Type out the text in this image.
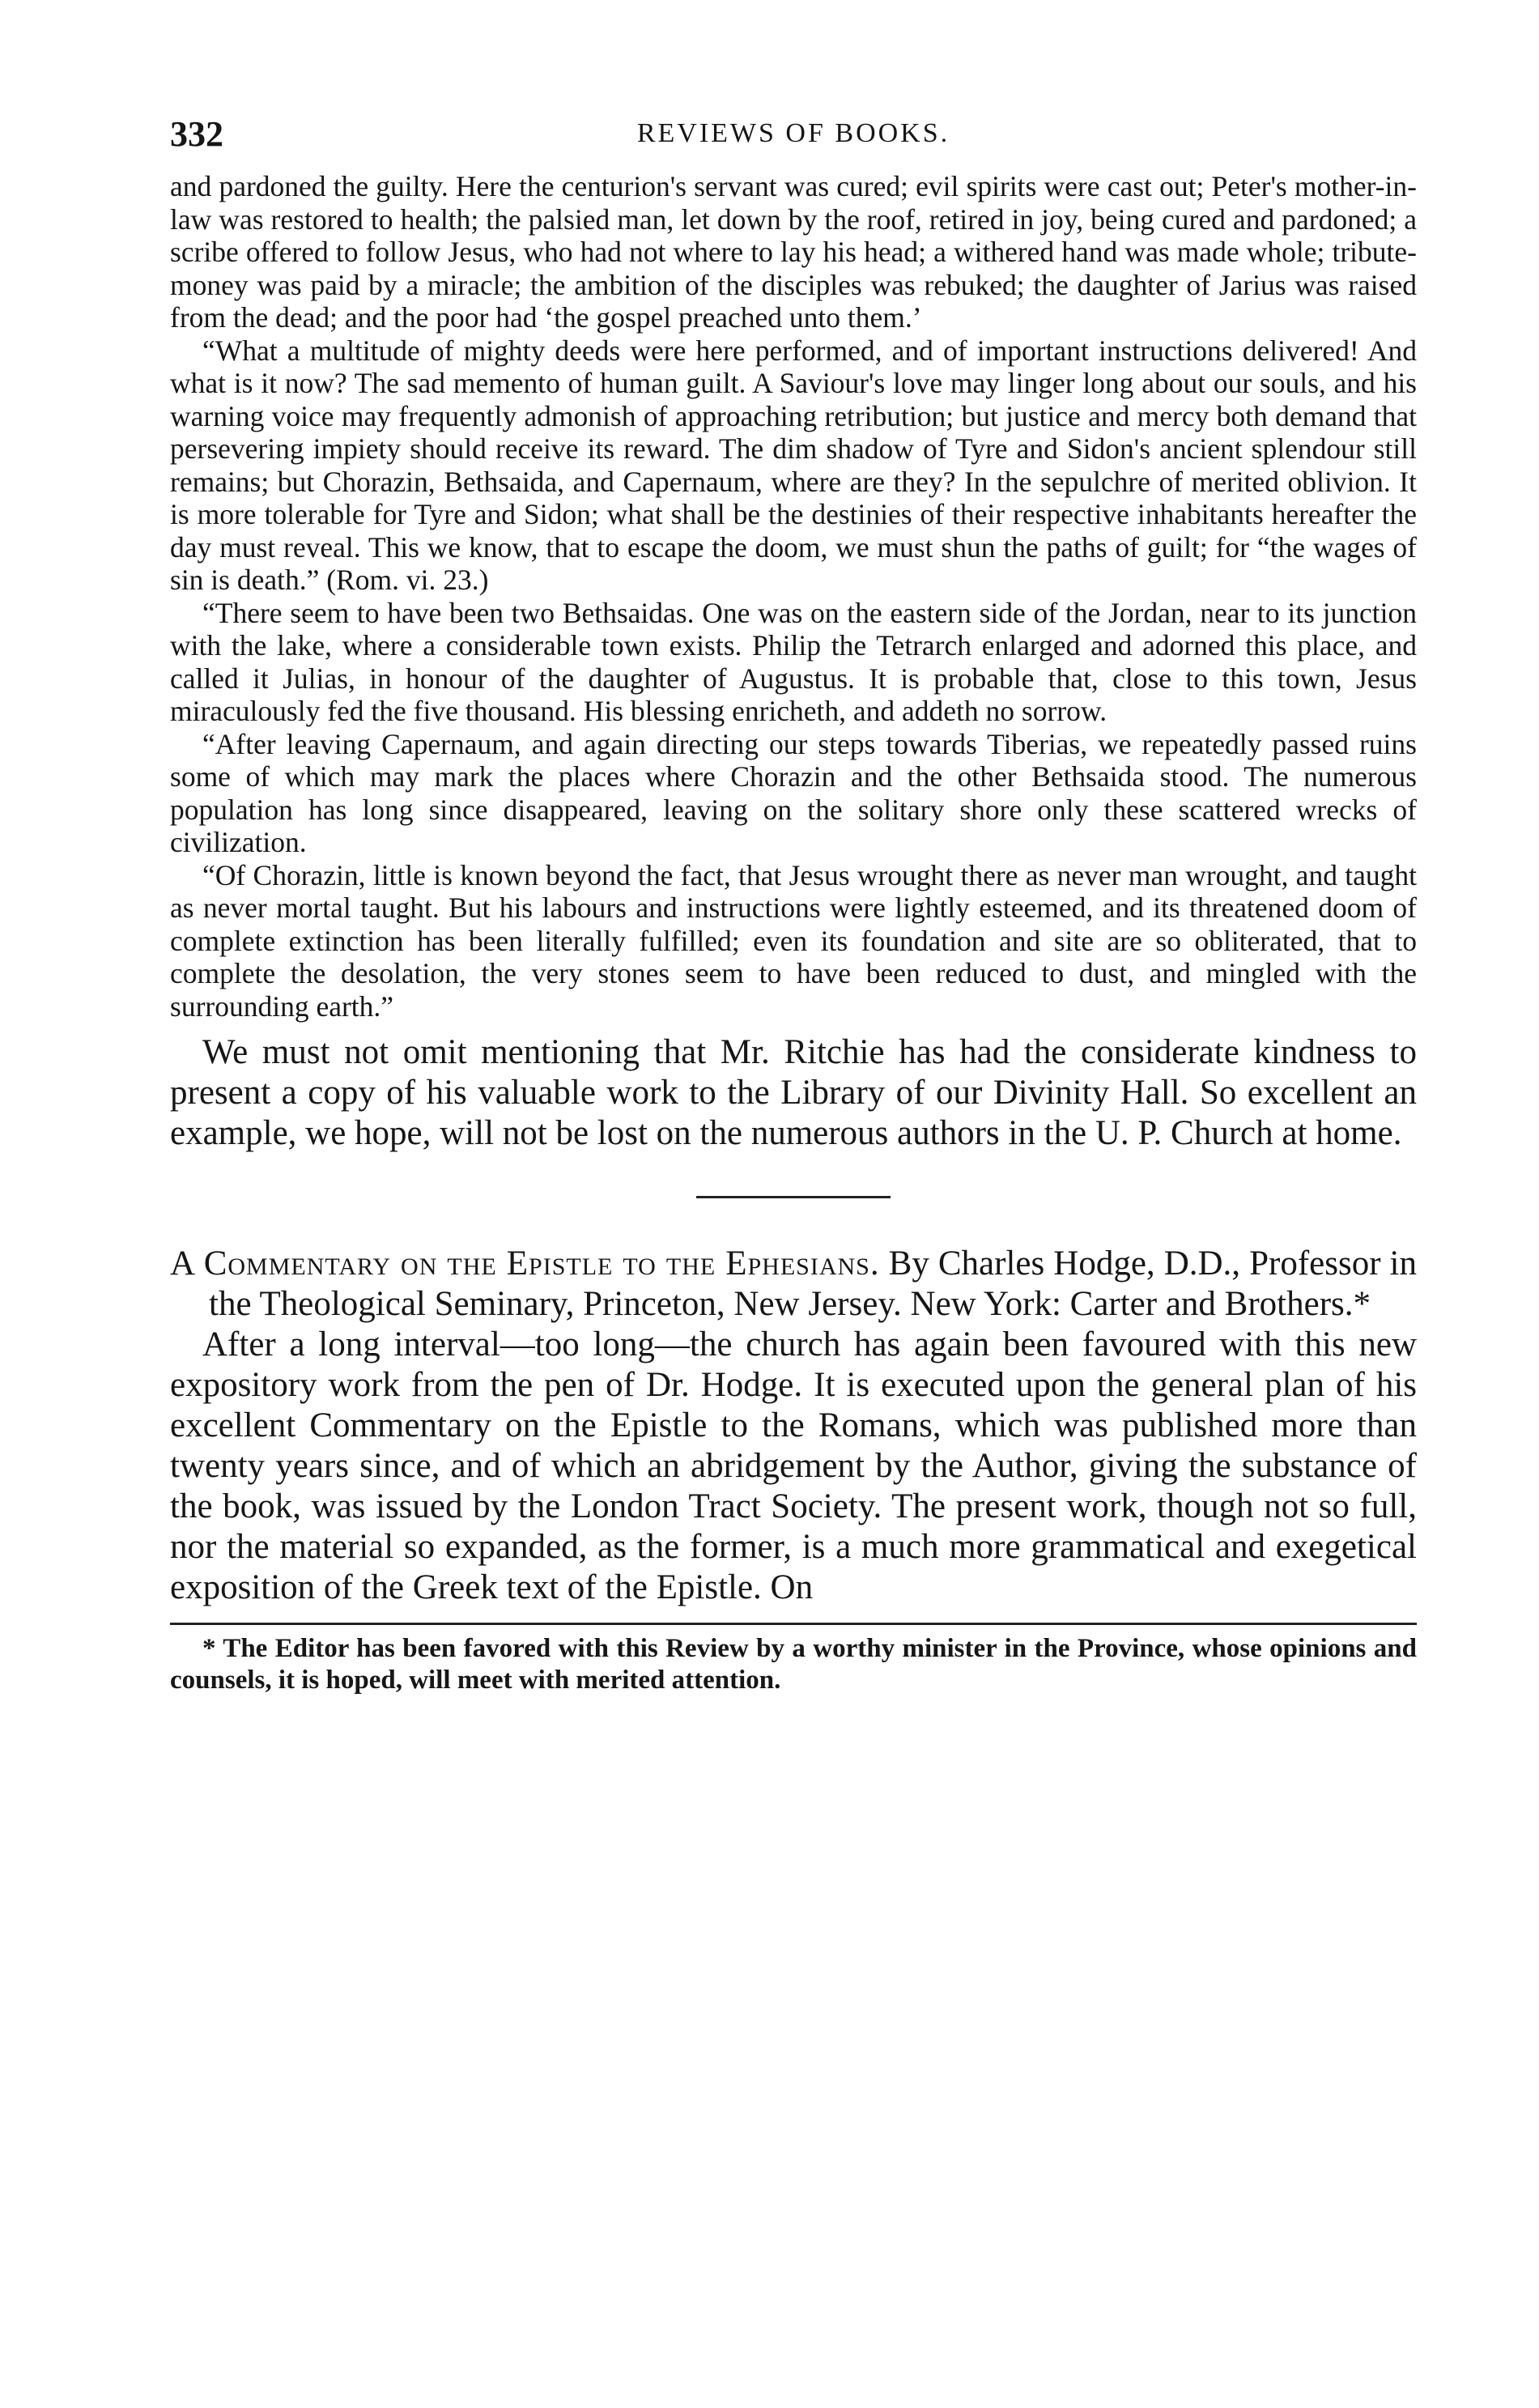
332	REVIEWS OF BOOKS.

and pardoned the guilty. Here the centurion's servant was cured; evil spirits were cast out; Peter's mother-in-law was restored to health; the palsied man, let down by the roof, retired in joy, being cured and pardoned; a scribe offered to follow Jesus, who had not where to lay his head; a withered hand was made whole; tribute-money was paid by a miracle; the ambition of the disciples was rebuked; the daughter of Jarius was raised from the dead; and the poor had ‘the gospel preached unto them.’

“What a multitude of mighty deeds were here performed, and of important instructions delivered! And what is it now? The sad memento of human guilt. A Saviour's love may linger long about our souls, and his warning voice may frequently admonish of approaching retribution; but justice and mercy both demand that persevering impiety should receive its reward. The dim shadow of Tyre and Sidon's ancient splendour still remains; but Chorazin, Bethsaida, and Capernaum, where are they? In the sepulchre of merited oblivion. It is more tolerable for Tyre and Sidon; what shall be the destinies of their respective inhabitants hereafter the day must reveal. This we know, that to escape the doom, we must shun the paths of guilt; for “the wages of sin is death.” (Rom. vi. 23.)

“There seem to have been two Bethsaidas. One was on the eastern side of the Jordan, near to its junction with the lake, where a considerable town exists. Philip the Tetrarch enlarged and adorned this place, and called it Julias, in honour of the daughter of Augustus. It is probable that, close to this town, Jesus miraculously fed the five thousand. His blessing enricheth, and addeth no sorrow.

“After leaving Capernaum, and again directing our steps towards Tiberias, we repeatedly passed ruins some of which may mark the places where Chorazin and the other Bethsaida stood. The numerous population has long since disappeared, leaving on the solitary shore only these scattered wrecks of civilization.

“Of Chorazin, little is known beyond the fact, that Jesus wrought there as never man wrought, and taught as never mortal taught. But his labours and instructions were lightly esteemed, and its threatened doom of complete extinction has been literally fulfilled; even its foundation and site are so obliterated, that to complete the desolation, the very stones seem to have been reduced to dust, and mingled with the surrounding earth.”

We must not omit mentioning that Mr. Ritchie has had the considerate kindness to present a copy of his valuable work to the Library of our Divinity Hall. So excellent an example, we hope, will not be lost on the numerous authors in the U. P. Church at home.

A Commentary on the Epistle to the Ephesians. By Charles Hodge, D.D., Professor in the Theological Seminary, Princeton, New Jersey. New York: Carter and Brothers.*

After a long interval—too long—the church has again been favoured with this new expository work from the pen of Dr. Hodge. It is executed upon the general plan of his excellent Commentary on the Epistle to the Romans, which was published more than twenty years since, and of which an abridgement by the Author, giving the substance of the book, was issued by the London Tract Society. The present work, though not so full, nor the material so expanded, as the former, is a much more grammatical and exegetical exposition of the Greek text of the Epistle. On

* The Editor has been favored with this Review by a worthy minister in the Province, whose opinions and counsels, it is hoped, will meet with merited attention.
